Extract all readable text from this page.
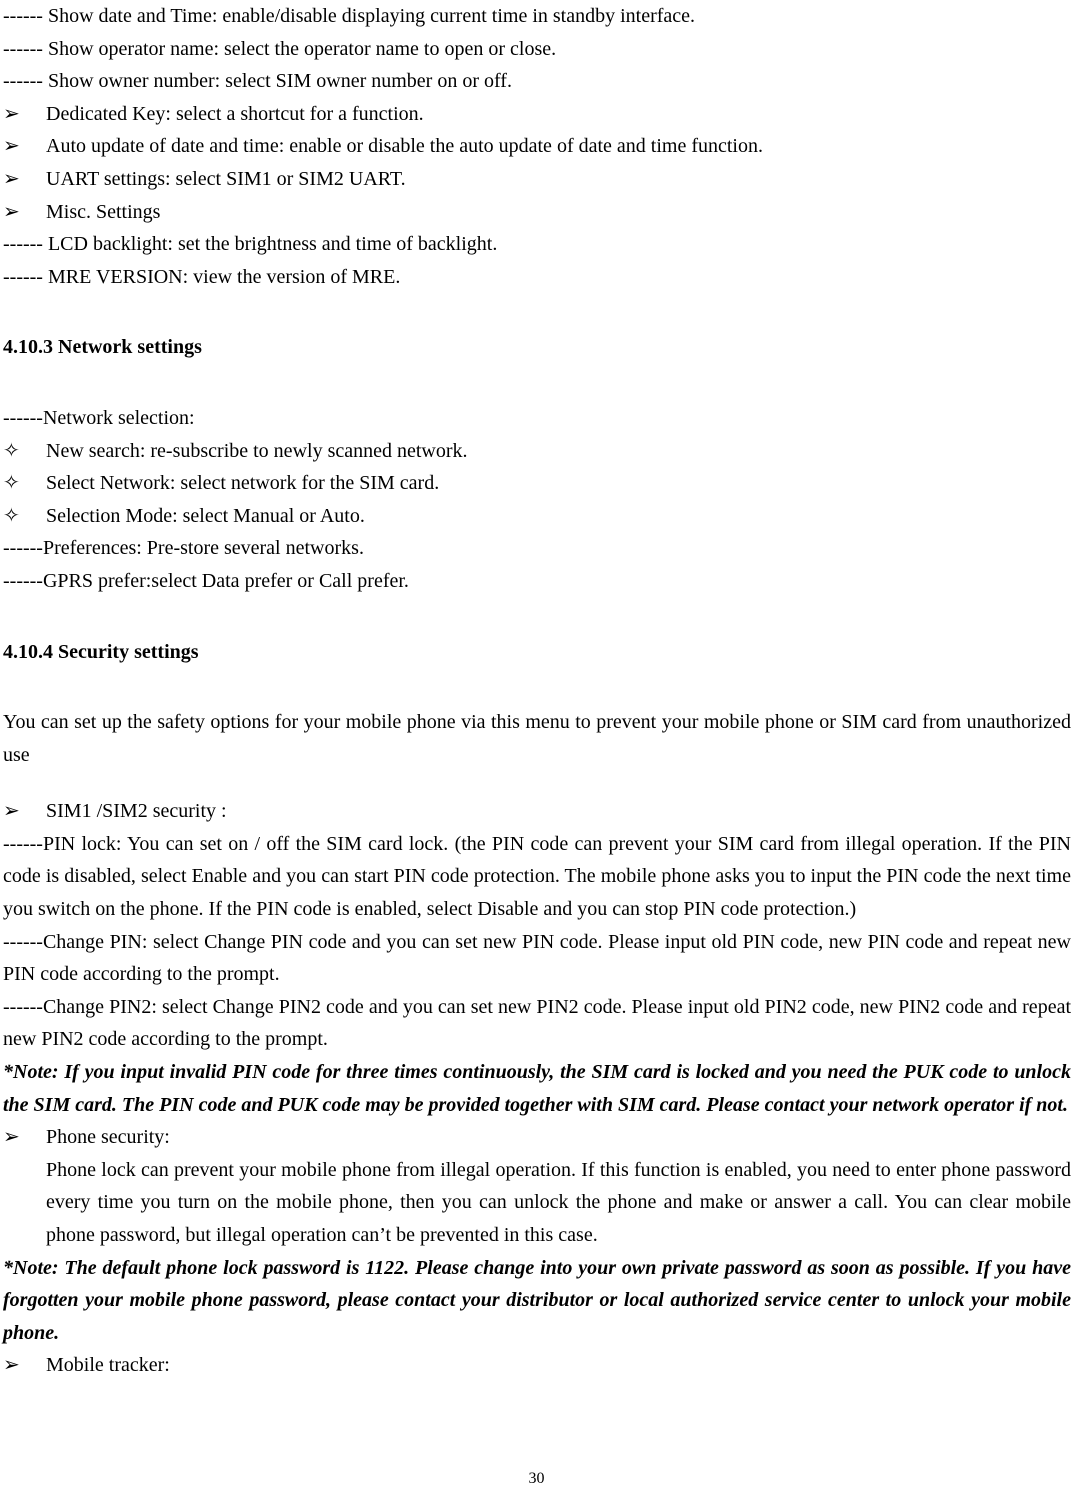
------ Show date and Time: enable/disable displaying current time in standby interface.
------ Show operator name: select the operator name to open or close.
------ Show owner number: select SIM owner number on or off.
➢	Dedicated Key: select a shortcut for a function.
➢	Auto update of date and time: enable or disable the auto update of date and time function.
➢	UART settings: select SIM1 or SIM2 UART.
➢	Misc. Settings
------ LCD backlight: set the brightness and time of backlight.
------ MRE VERSION: view the version of MRE.
4.10.3 Network settings
------Network selection:
✧	New search: re-subscribe to newly scanned network.
✧	Select Network: select network for the SIM card.
✧	Selection Mode: select Manual or Auto.
------Preferences: Pre-store several networks.
------GPRS prefer:select Data prefer or Call prefer.
4.10.4 Security settings
You can set up the safety options for your mobile phone via this menu to prevent your mobile phone or SIM card from unauthorized use
➢	SIM1 /SIM2 security :
------PIN lock: You can set on / off the SIM card lock. (the PIN code can prevent your SIM card from illegal operation. If the PIN code is disabled, select Enable and you can start PIN code protection. The mobile phone asks you to input the PIN code the next time you switch on the phone. If the PIN code is enabled, select Disable and you can stop PIN code protection.)
------Change PIN: select Change PIN code and you can set new PIN code. Please input old PIN code, new PIN code and repeat new PIN code according to the prompt.
------Change PIN2: select Change PIN2 code and you can set new PIN2 code. Please input old PIN2 code, new PIN2 code and repeat new PIN2 code according to the prompt.
*Note: If you input invalid PIN code for three times continuously, the SIM card is locked and you need the PUK code to unlock the SIM card. The PIN code and PUK code may be provided together with SIM card. Please contact your network operator if not.
➢	Phone security:
Phone lock can prevent your mobile phone from illegal operation. If this function is enabled, you need to enter phone password every time you turn on the mobile phone, then you can unlock the phone and make or answer a call. You can clear mobile phone password, but illegal operation can’t be prevented in this case.
*Note: The default phone lock password is 1122. Please change into your own private password as soon as possible. If you have forgotten your mobile phone password, please contact your distributor or local authorized service center to unlock your mobile phone.
➢	Mobile tracker:
30
